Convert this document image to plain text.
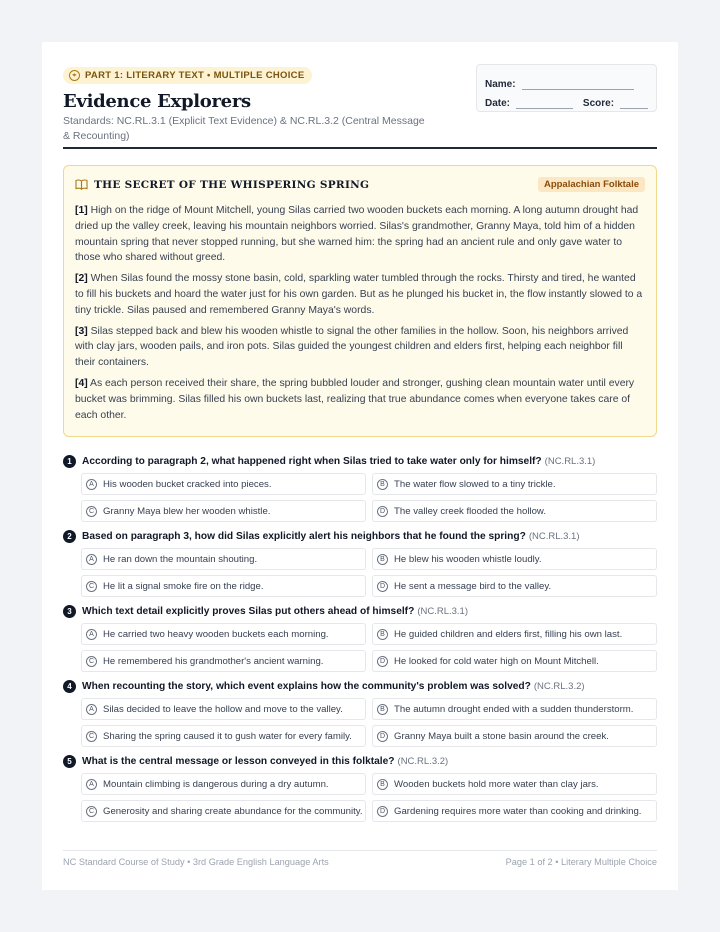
⌖ PART 1: LITERARY TEXT • MULTIPLE CHOICE
Evidence Explorers
Standards: NC.RL.3.1 (Explicit Text Evidence) & NC.RL.3.2 (Central Message & Recounting)
Name:
Date:	Score:
THE SECRET OF THE WHISPERING SPRING	Appalachian Folktale

[1] High on the ridge of Mount Mitchell, young Silas carried two wooden buckets each morning. A long autumn drought had dried up the valley creek, leaving his mountain neighbors worried. Silas's grandmother, Granny Maya, told him of a hidden mountain spring that never stopped running, but she warned him: the spring had an ancient rule and only gave water to those who shared without greed.

[2] When Silas found the mossy stone basin, cold, sparkling water tumbled through the rocks. Thirsty and tired, he wanted to fill his buckets and hoard the water just for his own garden. But as he plunged his bucket in, the flow instantly slowed to a tiny trickle. Silas paused and remembered Granny Maya's words.

[3] Silas stepped back and blew his wooden whistle to signal the other families in the hollow. Soon, his neighbors arrived with clay jars, wooden pails, and iron pots. Silas guided the youngest children and elders first, helping each neighbor fill their containers.

[4] As each person received their share, the spring bubbled louder and stronger, gushing clean mountain water until every bucket was brimming. Silas filled his own buckets last, realizing that true abundance comes when everyone takes care of each other.

1	According to paragraph 2, what happened right when Silas tried to take water only for himself? (NC.RL.3.1)
A His wooden bucket cracked into pieces.	B The water flow slowed to a tiny trickle.
C Granny Maya blew her wooden whistle.	D The valley creek flooded the hollow.
2	Based on paragraph 3, how did Silas explicitly alert his neighbors that he found the spring? (NC.RL.3.1)
A He ran down the mountain shouting.	B He blew his wooden whistle loudly.
C He lit a signal smoke fire on the ridge.	D He sent a message bird to the valley.
3	Which text detail explicitly proves Silas put others ahead of himself? (NC.RL.3.1)
A He carried two heavy wooden buckets each morning.	B He guided children and elders first, filling his own last.
C He remembered his grandmother's ancient warning.	D He looked for cold water high on Mount Mitchell.
4	When recounting the story, which event explains how the community's problem was solved? (NC.RL.3.2)
A Silas decided to leave the hollow and move to the valley.	B The autumn drought ended with a sudden thunderstorm.
C Sharing the spring caused it to gush water for every family.	D Granny Maya built a stone basin around the creek.
5	What is the central message or lesson conveyed in this folktale? (NC.RL.3.2)
A Mountain climbing is dangerous during a dry autumn.	B Wooden buckets hold more water than clay jars.
C Generosity and sharing create abundance for the community.	D Gardening requires more water than cooking and drinking.
NC Standard Course of Study • 3rd Grade English Language Arts	Page 1 of 2 • Literary Multiple Choice
